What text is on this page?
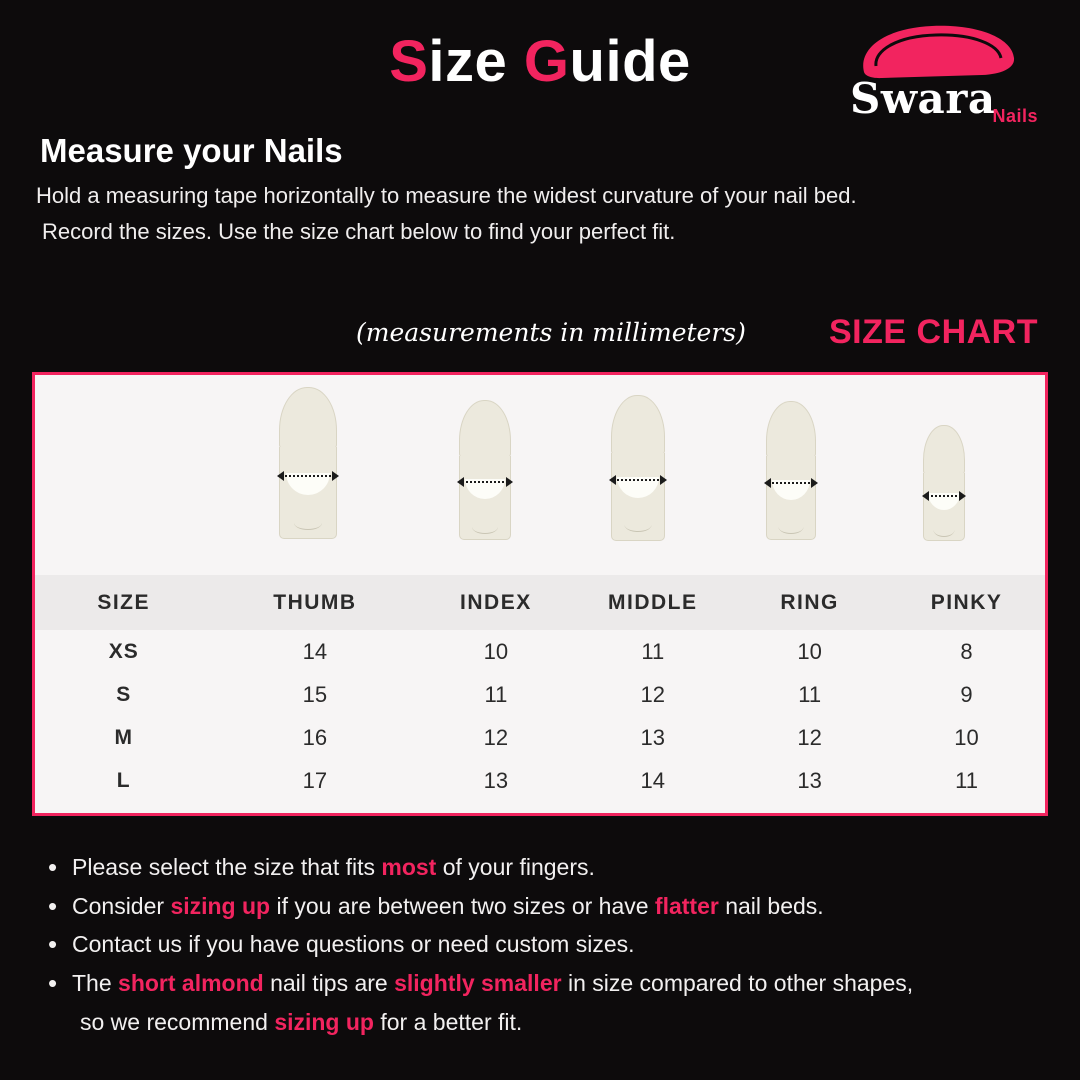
Size Guide
Swara
Nails
Measure your Nails
Hold a measuring tape horizontally to measure the widest curvature of your nail bed.
Record the sizes. Use the size chart below to find your perfect fit.
(measurements in millimeters) SIZE CHART
SIZE	THUMB	INDEX	MIDDLE	RING	PINKY
XS	14	10	11	10	8
S	15	11	12	11	9
M	16	12	13	12	10
L	17	13	14	13	11
• Please select the size that fits most of your fingers.
• Consider sizing up if you are between two sizes or have flatter nail beds.
• Contact us if you have questions or need custom sizes.
• The short almond nail tips are slightly smaller in size compared to other shapes,
so we recommend sizing up for a better fit.
